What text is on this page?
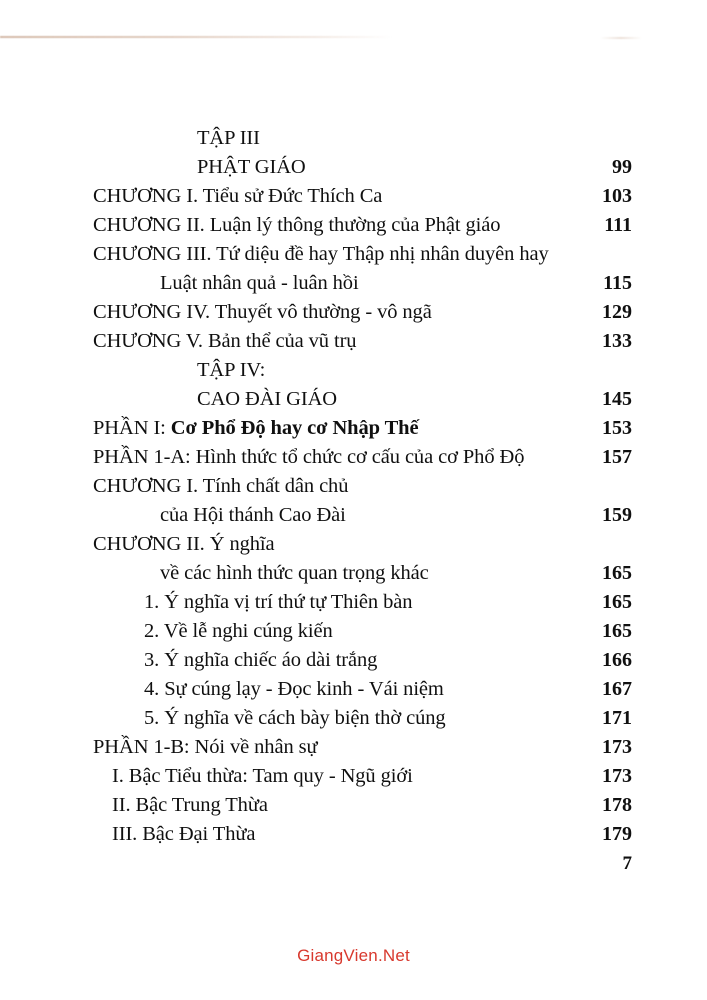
TẬP III
PHẬT GIÁO	99
CHƯƠNG I. Tiểu sử Đức Thích Ca	103
CHƯƠNG II. Luận lý thông thường của Phật giáo	111
CHƯƠNG III. Tứ diệu đề hay Thập nhị nhân duyên hay
Luật nhân quả - luân hồi	115
CHƯƠNG IV. Thuyết vô thường - vô ngã	129
CHƯƠNG V. Bản thể của vũ trụ	133
TẬP IV:
CAO ĐÀI GIÁO	145
PHẦN I: Cơ Phổ Độ hay cơ Nhập Thế	153
PHẦN 1-A: Hình thức tổ chức cơ cấu của cơ Phổ Độ	157
CHƯƠNG I. Tính chất dân chủ
của Hội thánh Cao Đài	159
CHƯƠNG II. Ý nghĩa
về các hình thức quan trọng khác	165
1. Ý nghĩa vị trí thứ tự Thiên bàn	165
2. Về lễ nghi cúng kiến	165
3. Ý nghĩa chiếc áo dài trắng	166
4. Sự cúng lạy - Đọc kinh - Vái niệm	167
5. Ý nghĩa về cách bày biện thờ cúng	171
PHẦN 1-B: Nói về nhân sự	173
I. Bậc Tiểu thừa: Tam quy - Ngũ giới	173
II. Bậc Trung Thừa	178
III. Bậc Đại Thừa	179
7
GiangVien.Net
